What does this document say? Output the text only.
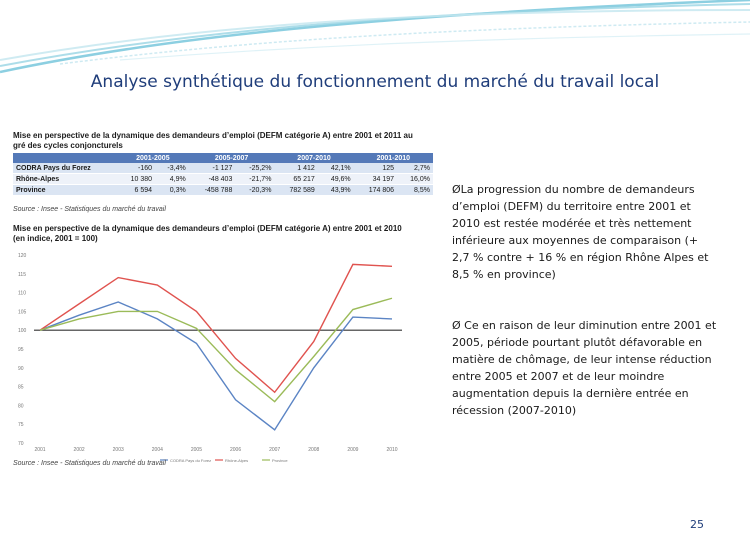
Analyse synthétique du fonctionnement du marché du travail local
Mise en perspective de la dynamique des demandeurs d’emploi (DEFM catégorie A) entre 2001 et 2011 au gré des cycles conjoncturels
	2001-2005		2005-2007		2007-2010		2001-2010	
CODRA Pays du Forez	-160	-3,4%	-1 127	-25,2%	1 412	42,1%	125	2,7%
Rhône-Alpes	10 380	4,9%	-48 403	-21,7%	65 217	49,6%	34 197	16,0%
Province	6 594	0,3%	-458 788	-20,3%	782 589	43,9%	174 806	8,5%
Source : Insee - Statistiques du marché du travail
Mise en perspective de la dynamique des demandeurs d’emploi (DEFM catégorie A) entre 2001 et 2010 (en indice, 2001 = 100)
70
75
80
85
90
95
100
105
110
115
120
2001	2002	2003	2004	2005	2006	2007	2008	2009	2010
CODRA Pays du Forez	Rhône-Alpes	Province
Source : Insee - Statistiques du marché du travail
ØLa progression du nombre de demandeurs d’emploi (DEFM) du territoire entre 2001 et 2010 est restée modérée et très nettement inférieure aux moyennes de comparaison (+ 2,7 % contre + 16 % en région Rhône Alpes et 8,5 % en province)
Ø Ce en raison de leur diminution entre 2001 et 2005, période pourtant plutôt défavorable en matière de chômage, de leur intense réduction entre 2005 et 2007 et de leur moindre augmentation depuis la dernière entrée en récession (2007-2010)
25
